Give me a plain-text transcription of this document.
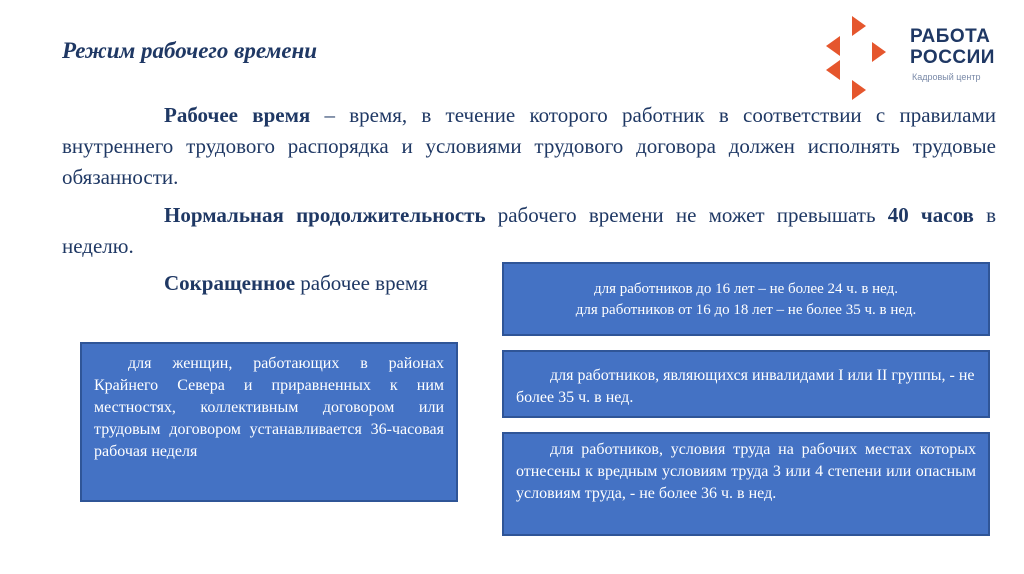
Режим рабочего времени
РАБОТА
РОССИИ
Кадровый центр
Рабочее время – время, в течение которого работник в соответствии с правилами внутреннего трудового распорядка и условиями трудового договора должен исполнять трудовые обязанности.
Нормальная продолжительность рабочего времени не может превышать 40 часов в неделю.
Сокращенное рабочее время	для работников до 16 лет – не более 24 ч. в нед.

для работников от 16 до 18 лет – не более 35 ч. в нед.

для работников, являющихся инвалидами I или II группы, - не более 35 ч. в нед.

для работников, условия труда на рабочих местах которых отнесены к вредным условиям труда 3 или 4 степени или опасным условиям труда, - не более 36 ч. в нед.

для женщин, работающих в районах Крайнего Севера и приравненных к ним местностях, коллективным договором или трудовым договором устанавливается 36-часовая рабочая неделя
